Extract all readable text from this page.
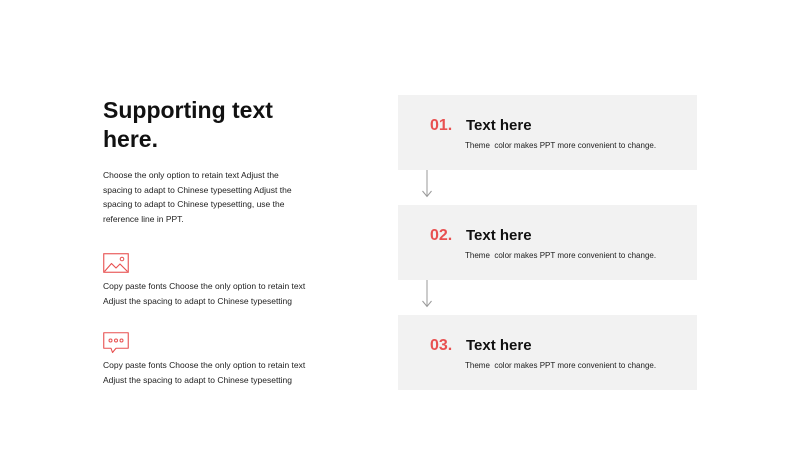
Supporting text here.

Choose the only option to retain text Adjust the spacing to adapt to Chinese typesetting Adjust the spacing to adapt to Chinese typesetting, use the reference line in PPT.

Copy paste fonts Choose the only option to retain text Adjust the spacing to adapt to Chinese typesetting

Copy paste fonts Choose the only option to retain text Adjust the spacing to adapt to Chinese typesetting

01. Text here
Theme  color makes PPT more convenient to change.
02. Text here
Theme  color makes PPT more convenient to change.
03. Text here
Theme  color makes PPT more convenient to change.
